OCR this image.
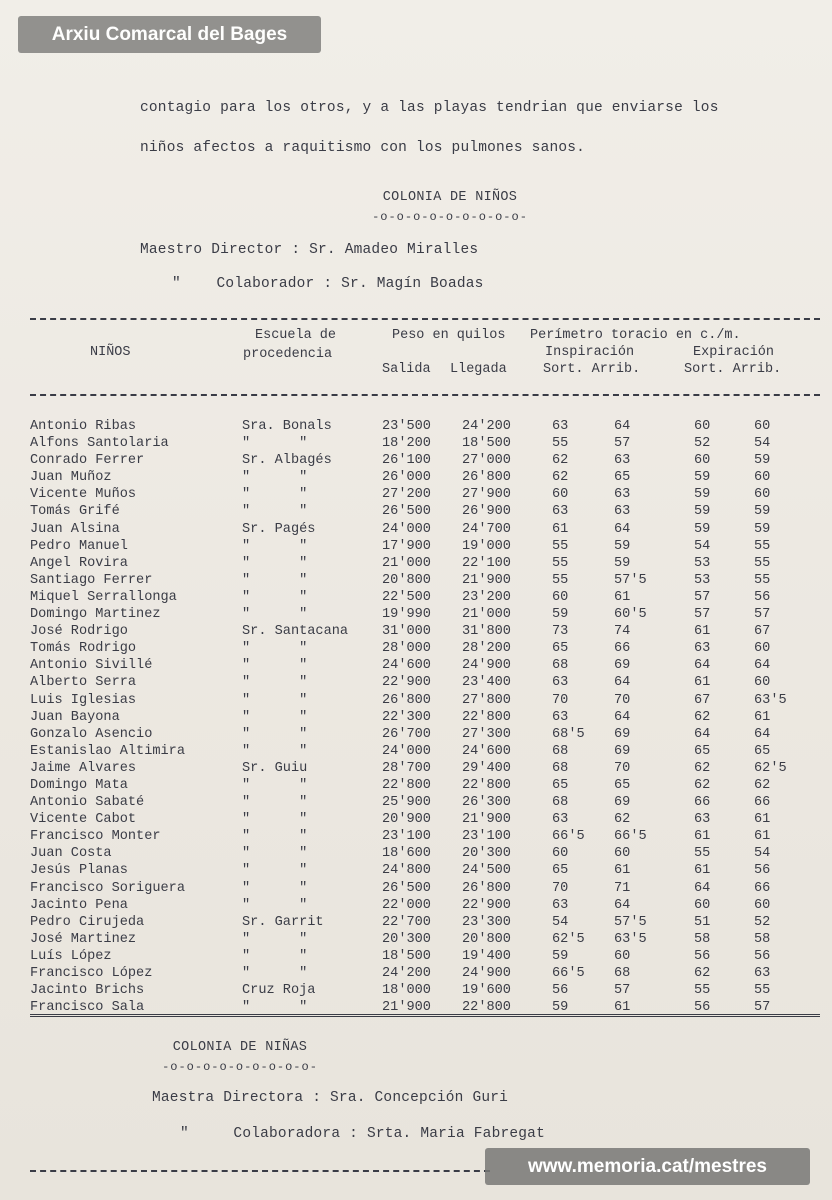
Arxiu Comarcal del Bages
contagio para los otros, y a las playas tendrian que enviarse los
niños afectos a raquitismo con los pulmones sanos.
COLONIA DE NIÑOS
-o-o-o-o-o-o-o-o-o-
Maestro Director : Sr. Amadeo Miralles
" Colaborador : Sr. Magín Boadas
NIÑOS
Escuela de
procedencia
Peso en quilos Perímetro toracio en c./m.
Salida Llegada
Inspiración	Expiración
Sort. Arrib.	Sort. Arrib.
Antonio Ribas	Sra. Bonals	23'500	24'200	63	64	60	60
Alfons Santolaria	"      "	18'200	18'500	55	57	52	54
Conrado Ferrer	Sr. Albagés	26'100	27'000	62	63	60	59
Juan Muñoz	"      "	26'000	26'800	62	65	59	60
Vicente Muños	"      "	27'200	27'900	60	63	59	60
Tomás Grifé	"      "	26'500	26'900	63	63	59	59
Juan Alsina	Sr. Pagés	24'000	24'700	61	64	59	59
Pedro Manuel	"      "	17'900	19'000	55	59	54	55
Angel Rovira	"      "	21'000	22'100	55	59	53	55
Santiago Ferrer	"      "	20'800	21'900	55	57'5	53	55
Miquel Serrallonga	"      "	22'500	23'200	60	61	57	56
Domingo Martinez	"      "	19'990	21'000	59	60'5	57	57
José Rodrigo	Sr. Santacana	31'000	31'800	73	74	61	67
Tomás Rodrigo	"      "	28'000	28'200	65	66	63	60
Antonio Sivillé	"      "	24'600	24'900	68	69	64	64
Alberto Serra	"      "	22'900	23'400	63	64	61	60
Luis Iglesias	"      "	26'800	27'800	70	70	67	63'5
Juan Bayona	"      "	22'300	22'800	63	64	62	61
Gonzalo Asencio	"      "	26'700	27'300	68'5	69	64	64
Estanislao Altimira	"      "	24'000	24'600	68	69	65	65
Jaime Alvares	Sr. Guiu	28'700	29'400	68	70	62	62'5
Domingo Mata	"      "	22'800	22'800	65	65	62	62
Antonio Sabaté	"      "	25'900	26'300	68	69	66	66
Vicente Cabot	"      "	20'900	21'900	63	62	63	61
Francisco Monter	"      "	23'100	23'100	66'5	66'5	61	61
Juan Costa	"      "	18'600	20'300	60	60	55	54
Jesús Planas	"      "	24'800	24'500	65	61	61	56
Francisco Soriguera	"      "	26'500	26'800	70	71	64	66
Jacinto Pena	"      "	22'000	22'900	63	64	60	60
Pedro Cirujeda	Sr. Garrit	22'700	23'300	54	57'5	51	52
José Martinez	"      "	20'300	20'800	62'5	63'5	58	58
Luís López	"      "	18'500	19'400	59	60	56	56
Francisco López	"      "	24'200	24'900	66'5	68	62	63
Jacinto Brichs	Cruz Roja	18'000	19'600	56	57	55	55
Francisco Sala	"      "	21'900	22'800	59	61	56	57
COLONIA DE NIÑAS
-o-o-o-o-o-o-o-o-o-
Maestra Directora : Sra. Concepción Guri
"	Colaboradora : Srta. Maria Fabregat
www.memoria.cat/mestres
